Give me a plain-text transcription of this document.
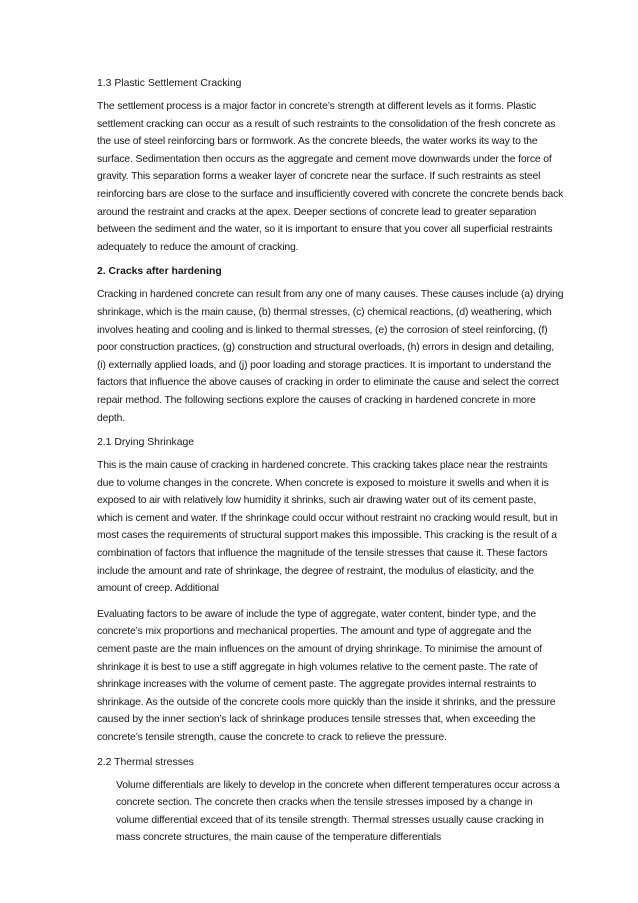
1.3 Plastic Settlement Cracking

The settlement process is a major factor in concrete’s strength at different levels as it forms. Plastic settlement cracking can occur as a result of such restraints to the consolidation of the fresh concrete as the use of steel reinforcing bars or formwork. As the concrete bleeds, the water works its way to the surface. Sedimentation then occurs as the aggregate and cement move downwards under the force of gravity. This separation forms a weaker layer of concrete near the surface. If such restraints as steel reinforcing bars are close to the surface and insufficiently covered with concrete the concrete bends back around the restraint and cracks at the apex. Deeper sections of concrete lead to greater separation between the sediment and the water, so it is important to ensure that you cover all superficial restraints adequately to reduce the amount of cracking.

2. Cracks after hardening

Cracking in hardened concrete can result from any one of many causes. These causes include (a) drying shrinkage, which is the main cause, (b) thermal stresses, (c) chemical reactions, (d) weathering, which involves heating and cooling and is linked to thermal stresses, (e) the corrosion of steel reinforcing, (f) poor construction practices, (g) construction and structural overloads, (h) errors in design and detailing, (i) externally applied loads, and (j) poor loading and storage practices. It is important to understand the factors that influence the above causes of cracking in order to eliminate the cause and select the correct repair method. The following sections explore the causes of cracking in hardened concrete in more depth.

2.1 Drying Shrinkage

This is the main cause of cracking in hardened concrete. This cracking takes place near the restraints due to volume changes in the concrete. When concrete is exposed to moisture it swells and when it is exposed to air with relatively low humidity it shrinks, such air drawing water out of its cement paste, which is cement and water. If the shrinkage could occur without restraint no cracking would result, but in most cases the requirements of structural support makes this impossible. This cracking is the result of a combination of factors that influence the magnitude of the tensile stresses that cause it. These factors include the amount and rate of shrinkage, the degree of restraint, the modulus of elasticity, and the amount of creep. Additional

Evaluating factors to be aware of include the type of aggregate, water content, binder type, and the concrete’s mix proportions and mechanical properties. The amount and type of aggregate and the cement paste are the main influences on the amount of drying shrinkage. To minimise the amount of shrinkage it is best to use a stiff aggregate in high volumes relative to the cement paste. The rate of shrinkage increases with the volume of cement paste. The aggregate provides internal restraints to shrinkage. As the outside of the concrete cools more quickly than the inside it shrinks, and the pressure caused by the inner section’s lack of shrinkage produces tensile stresses that, when exceeding the concrete’s tensile strength, cause the concrete to crack to relieve the pressure.

2.2 Thermal stresses

Volume differentials are likely to develop in the concrete when different temperatures occur across a concrete section. The concrete then cracks when the tensile stresses imposed by a change in volume differential exceed that of its tensile strength. Thermal stresses usually cause cracking in mass concrete structures, the main cause of the temperature differentials
